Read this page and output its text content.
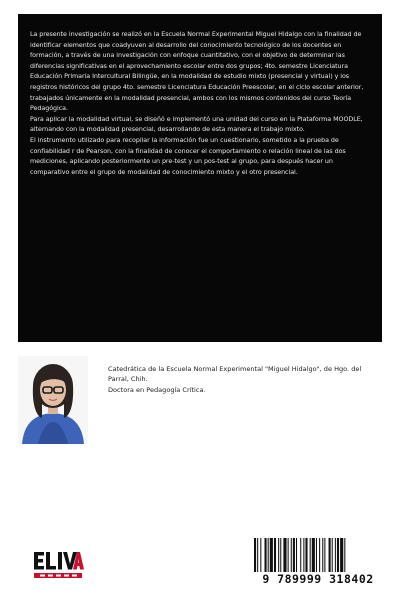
La presente investigación se realizó en la Escuela Normal Experimental Miguel Hidalgo con la finalidad de identificar elementos que coadyuven al desarrollo del conocimiento tecnológico de los docentes en formación, a través de una investigación con enfoque cuantitativo, con el objetivo de determinar las diferencias significativas en el aprovechamiento escolar entre dos grupos; 4to. semestre Licenciatura Educación Primaria Intercultural Bilingüe, en la modalidad de estudio mixto (presencial y virtual) y los registros históricos del grupo 4to. semestre Licenciatura Educación Preescolar, en el ciclo escolar anterior, trabajados únicamente en la modalidad presencial, ambos con los mismos contenidos del curso Teoría Pedagógica.

Para aplicar la modalidad virtual, se diseñó e implementó una unidad del curso en la Plataforma MOODLE, alternando con la modalidad presencial, desarrollando de esta manera el trabajo mixto.

El instrumento utilizado para recopilar la información fue un cuestionario, sometido a la prueba de confiabilidad r de Pearson, con la finalidad de conocer el comportamiento o relación lineal de las dos mediciones, aplicando posteriormente un pre-test y un pos-test al grupo, para después hacer un comparativo entre el grupo de modalidad de conocimiento mixto y el otro presencial.

Catedrática de la Escuela Normal Experimental "Miguel Hidalgo", de Hgo. del Parral, Chih.
Doctora en Pedagogía Crítica.
9 789999 318402
